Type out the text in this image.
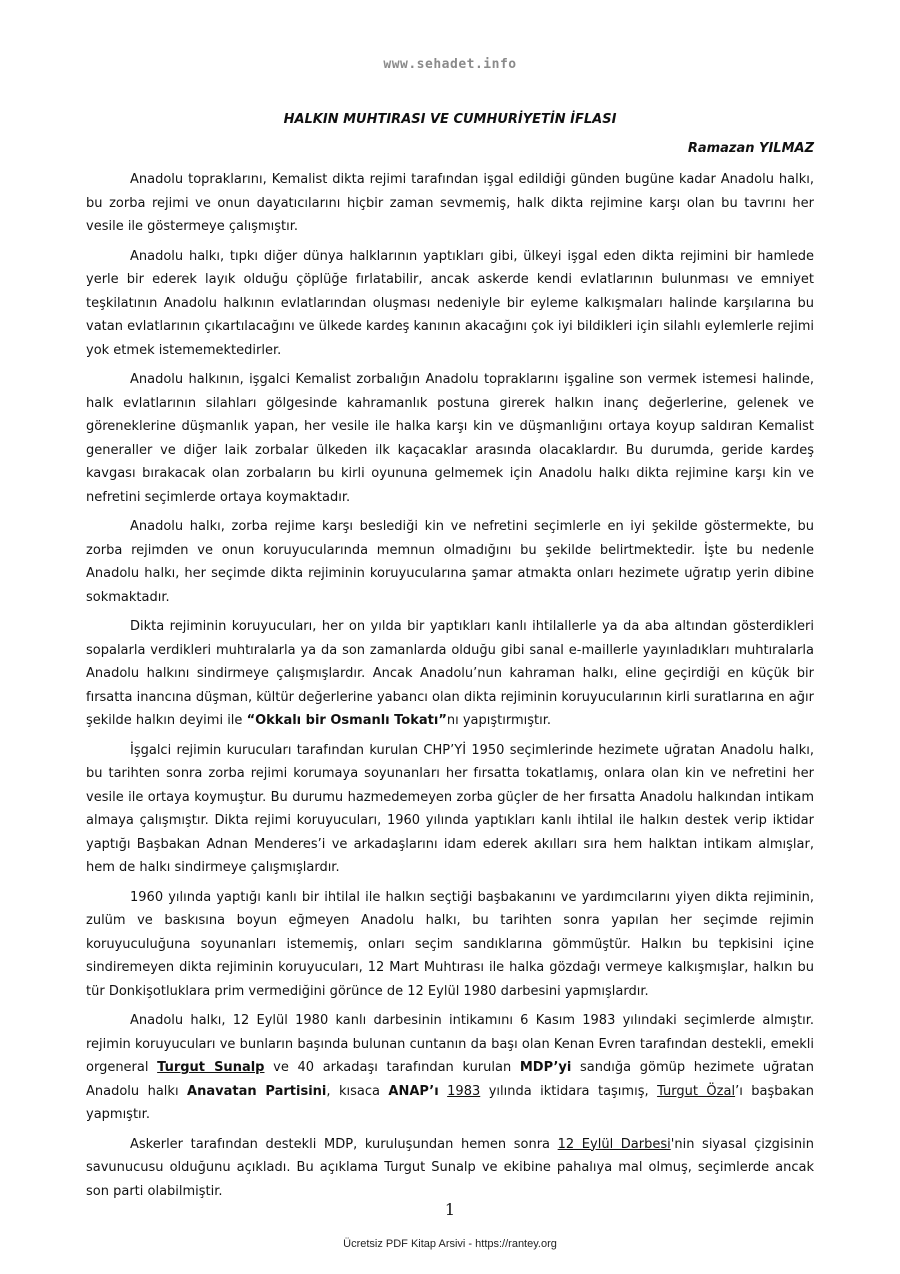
www.sehadet.info
HALKIN MUHTIRASI VE CUMHURİYETİN İFLASI
Ramazan YILMAZ

Anadolu topraklarını, Kemalist dikta rejimi tarafından işgal edildiği günden bugüne kadar Anadolu halkı, bu zorba rejimi ve onun dayatıcılarını hiçbir zaman sevmemiş, halk dikta rejimine karşı olan bu tavrını her vesile ile göstermeye çalışmıştır.

Anadolu halkı, tıpkı diğer dünya halklarının yaptıkları gibi, ülkeyi işgal eden dikta rejimini bir hamlede yerle bir ederek layık olduğu çöplüğe fırlatabilir, ancak askerde kendi evlatlarının bulunması ve emniyet teşkilatının Anadolu halkının evlatlarından oluşması nedeniyle bir eyleme kalkışmaları halinde karşılarına bu vatan evlatlarının çıkartılacağını ve ülkede kardeş kanının akacağını çok iyi bildikleri için silahlı eylemlerle rejimi yok etmek istememektedirler.

Anadolu halkının, işgalci Kemalist zorbalığın Anadolu topraklarını işgaline son vermek istemesi halinde, halk evlatlarının silahları gölgesinde kahramanlık postuna girerek halkın inanç değerlerine, gelenek ve göreneklerine düşmanlık yapan, her vesile ile halka karşı kin ve düşmanlığını ortaya koyup saldıran Kemalist generaller ve diğer laik zorbalar ülkeden ilk kaçacaklar arasında olacaklardır. Bu durumda, geride kardeş kavgası bırakacak olan zorbaların bu kirli oyununa gelmemek için Anadolu halkı dikta rejimine karşı kin ve nefretini seçimlerde ortaya koymaktadır.

Anadolu halkı, zorba rejime karşı beslediği kin ve nefretini seçimlerle en iyi şekilde göstermekte, bu zorba rejimden ve onun koruyucularında memnun olmadığını bu şekilde belirtmektedir. İşte bu nedenle Anadolu halkı, her seçimde dikta rejiminin koruyucularına şamar atmakta onları hezimete uğratıp yerin dibine sokmaktadır.

Dikta rejiminin koruyucuları, her on yılda bir yaptıkları kanlı ihtilallerle ya da aba altından gösterdikleri sopalarla verdikleri muhtıralarla ya da son zamanlarda olduğu gibi sanal e-maillerle yayınladıkları muhtıralarla Anadolu halkını sindirmeye çalışmışlardır. Ancak Anadolu’nun kahraman halkı, eline geçirdiği en küçük bir fırsatta inancına düşman, kültür değerlerine yabancı olan dikta rejiminin koruyucularının kirli suratlarına en ağır şekilde halkın deyimi ile “Okkalı bir Osmanlı Tokatı”nı yapıştırmıştır.

İşgalci rejimin kurucuları tarafından kurulan CHP’Yİ 1950 seçimlerinde hezimete uğratan Anadolu halkı, bu tarihten sonra zorba rejimi korumaya soyunanları her fırsatta tokatlamış, onlara olan kin ve nefretini her vesile ile ortaya koymuştur. Bu durumu hazmedemeyen zorba güçler de her fırsatta Anadolu halkından intikam almaya çalışmıştır. Dikta rejimi koruyucuları, 1960 yılında yaptıkları kanlı ihtilal ile halkın destek verip iktidar yaptığı Başbakan Adnan Menderes’i ve arkadaşlarını idam ederek akılları sıra hem halktan intikam almışlar, hem de halkı sindirmeye çalışmışlardır.

1960 yılında yaptığı kanlı bir ihtilal ile halkın seçtiği başbakanını ve yardımcılarını yiyen dikta rejiminin, zulüm ve baskısına boyun eğmeyen Anadolu halkı, bu tarihten sonra yapılan her seçimde rejimin koruyuculuğuna soyunanları istememiş, onları seçim sandıklarına gömmüştür. Halkın bu tepkisini içine sindiremeyen dikta rejiminin koruyucuları, 12 Mart Muhtırası ile halka gözdağı vermeye kalkışmışlar, halkın bu tür Donkişotluklara prim vermediğini görünce de 12 Eylül 1980 darbesini yapmışlardır.

Anadolu halkı, 12 Eylül 1980 kanlı darbesinin intikamını 6 Kasım 1983 yılındaki seçimlerde almıştır. rejimin koruyucuları ve bunların başında bulunan cuntanın da başı olan Kenan Evren tarafından destekli, emekli orgeneral Turgut Sunalp ve 40 arkadaşı tarafından kurulan MDP’yi sandığa gömüp hezimete uğratan Anadolu halkı Anavatan Partisini, kısaca ANAP’ı 1983 yılında iktidara taşımış, Turgut Özal’ı başbakan yapmıştır.

Askerler tarafından destekli MDP, kuruluşundan hemen sonra 12 Eylül Darbesi'nin siyasal çizgisinin savunucusu olduğunu açıkladı. Bu açıklama Turgut Sunalp ve ekibine pahalıya mal olmuş, seçimlerde ancak son parti olabilmiştir.

1
Ücretsiz PDF Kitap Arsivi - https://rantey.org
